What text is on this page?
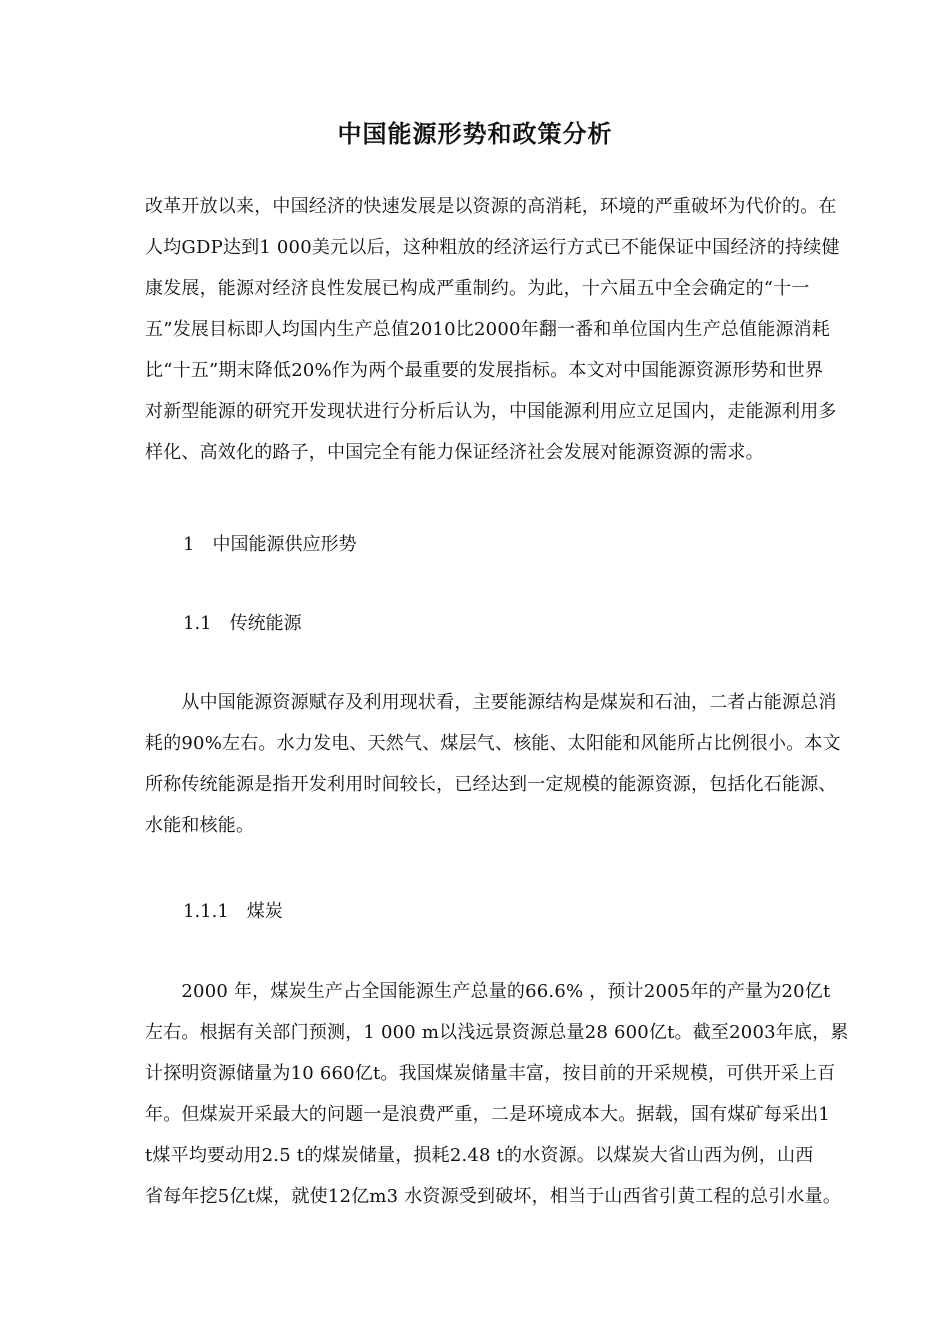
中国能源形势和政策分析
改革开放以来，中国经济的快速发展是以资源的高消耗，环境的严重破坏为代价的。在
人均GDP达到1 000美元以后，这种粗放的经济运行方式已不能保证中国经济的持续健
康发展，能源对经济良性发展已构成严重制约。为此，十六届五中全会确定的“十一
五”发展目标即人均国内生产总值2010比2000年翻一番和单位国内生产总值能源消耗
比“十五”期末降低20%作为两个最重要的发展指标。本文对中国能源资源形势和世界
对新型能源的研究开发现状进行分析后认为，中国能源利用应立足国内，走能源利用多
样化、高效化的路子，中国完全有能力保证经济社会发展对能源资源的需求。
1　中国能源供应形势
1.1　传统能源
　　从中国能源资源赋存及利用现状看，主要能源结构是煤炭和石油，二者占能源总消
耗的90%左右。水力发电、天然气、煤层气、核能、太阳能和风能所占比例很小。本文
所称传统能源是指开发利用时间较长，已经达到一定规模的能源资源，包括化石能源、
水能和核能。
1.1.1　煤炭
　　2000 年，煤炭生产占全国能源生产总量的66.6% ，预计2005年的产量为20亿t
左右。根据有关部门预测，1 000 m以浅远景资源总量28 600亿t。截至2003年底，累
计探明资源储量为10 660亿t。我国煤炭储量丰富，按目前的开采规模，可供开采上百
年。但煤炭开采最大的问题一是浪费严重，二是环境成本大。据载，国有煤矿每采出1
t煤平均要动用2.5 t的煤炭储量，损耗2.48 t的水资源。以煤炭大省山西为例，山西
省每年挖5亿t煤，就使12亿m3 水资源受到破坏，相当于山西省引黄工程的总引水量。
